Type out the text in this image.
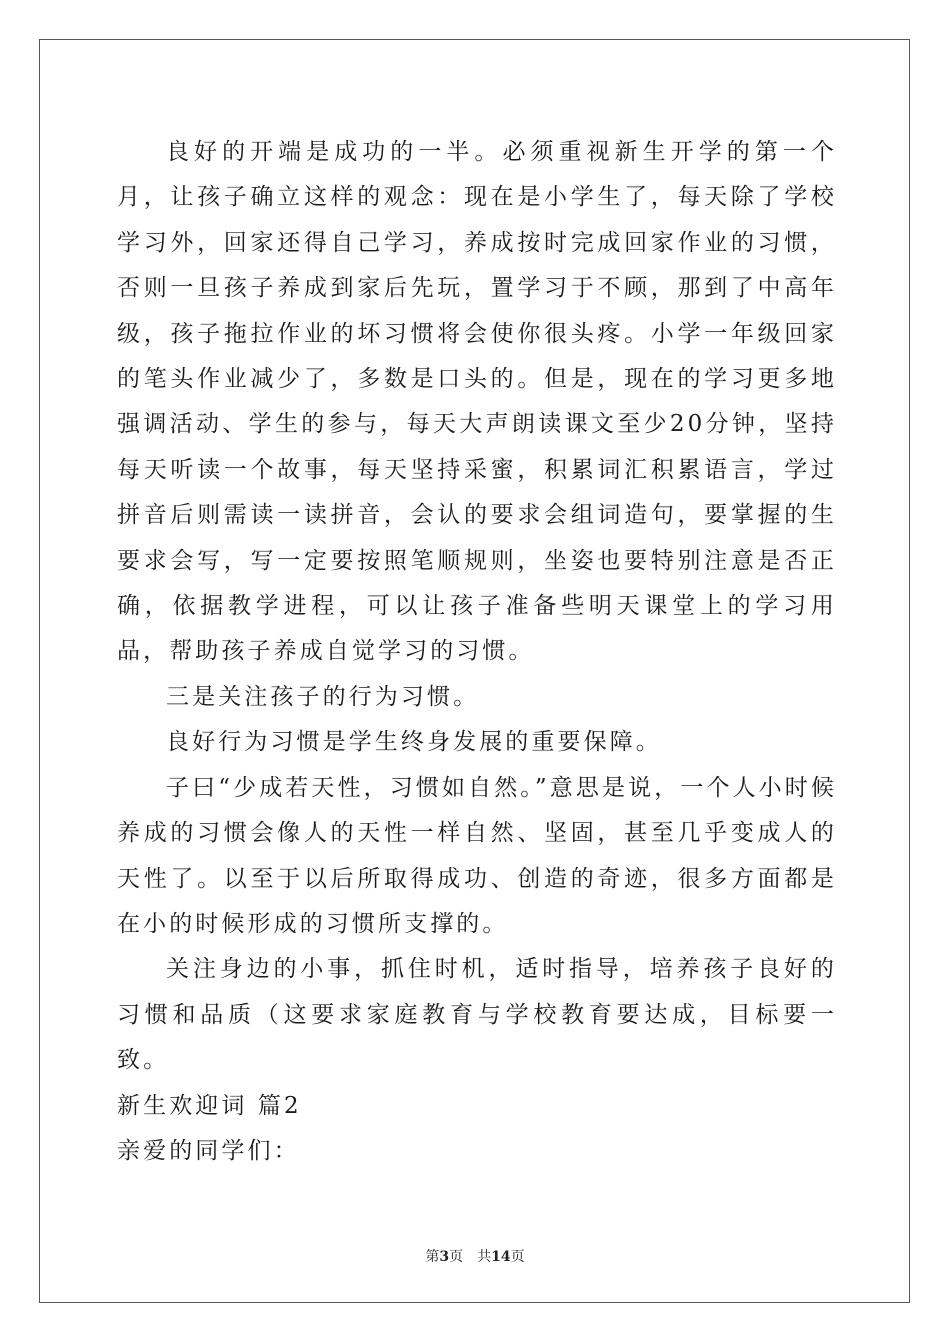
良好的开端是成功的一半。必须重视新生开学的第一个月，让孩子确立这样的观念：现在是小学生了，每天除了学校学习外，回家还得自己学习，养成按时完成回家作业的习惯，否则一旦孩子养成到家后先玩，置学习于不顾，那到了中高年级，孩子拖拉作业的坏习惯将会使你很头疼。小学一年级回家的笔头作业减少了，多数是口头的。但是，现在的学习更多地强调活动、学生的参与，每天大声朗读课文至少20分钟，坚持每天听读一个故事，每天坚持采蜜，积累词汇积累语言，学过拼音后则需读一读拼音，会认的要求会组词造句，要掌握的生要求会写，写一定要按照笔顺规则，坐姿也要特别注意是否正确，依据教学进程，可以让孩子准备些明天课堂上的学习用品，帮助孩子养成自觉学习的习惯。

三是关注孩子的行为习惯。

良好行为习惯是学生终身发展的重要保障。

子曰“少成若天性，习惯如自然。”意思是说，一个人小时候养成的习惯会像人的天性一样自然、坚固，甚至几乎变成人的天性了。以至于以后所取得成功、创造的奇迹，很多方面都是在小的时候形成的习惯所支撑的。

关注身边的小事，抓住时机，适时指导，培养孩子良好的习惯和品质（这要求家庭教育与学校教育要达成，目标要一致。

新生欢迎词 篇2

亲爱的同学们：

第3页 共14页
